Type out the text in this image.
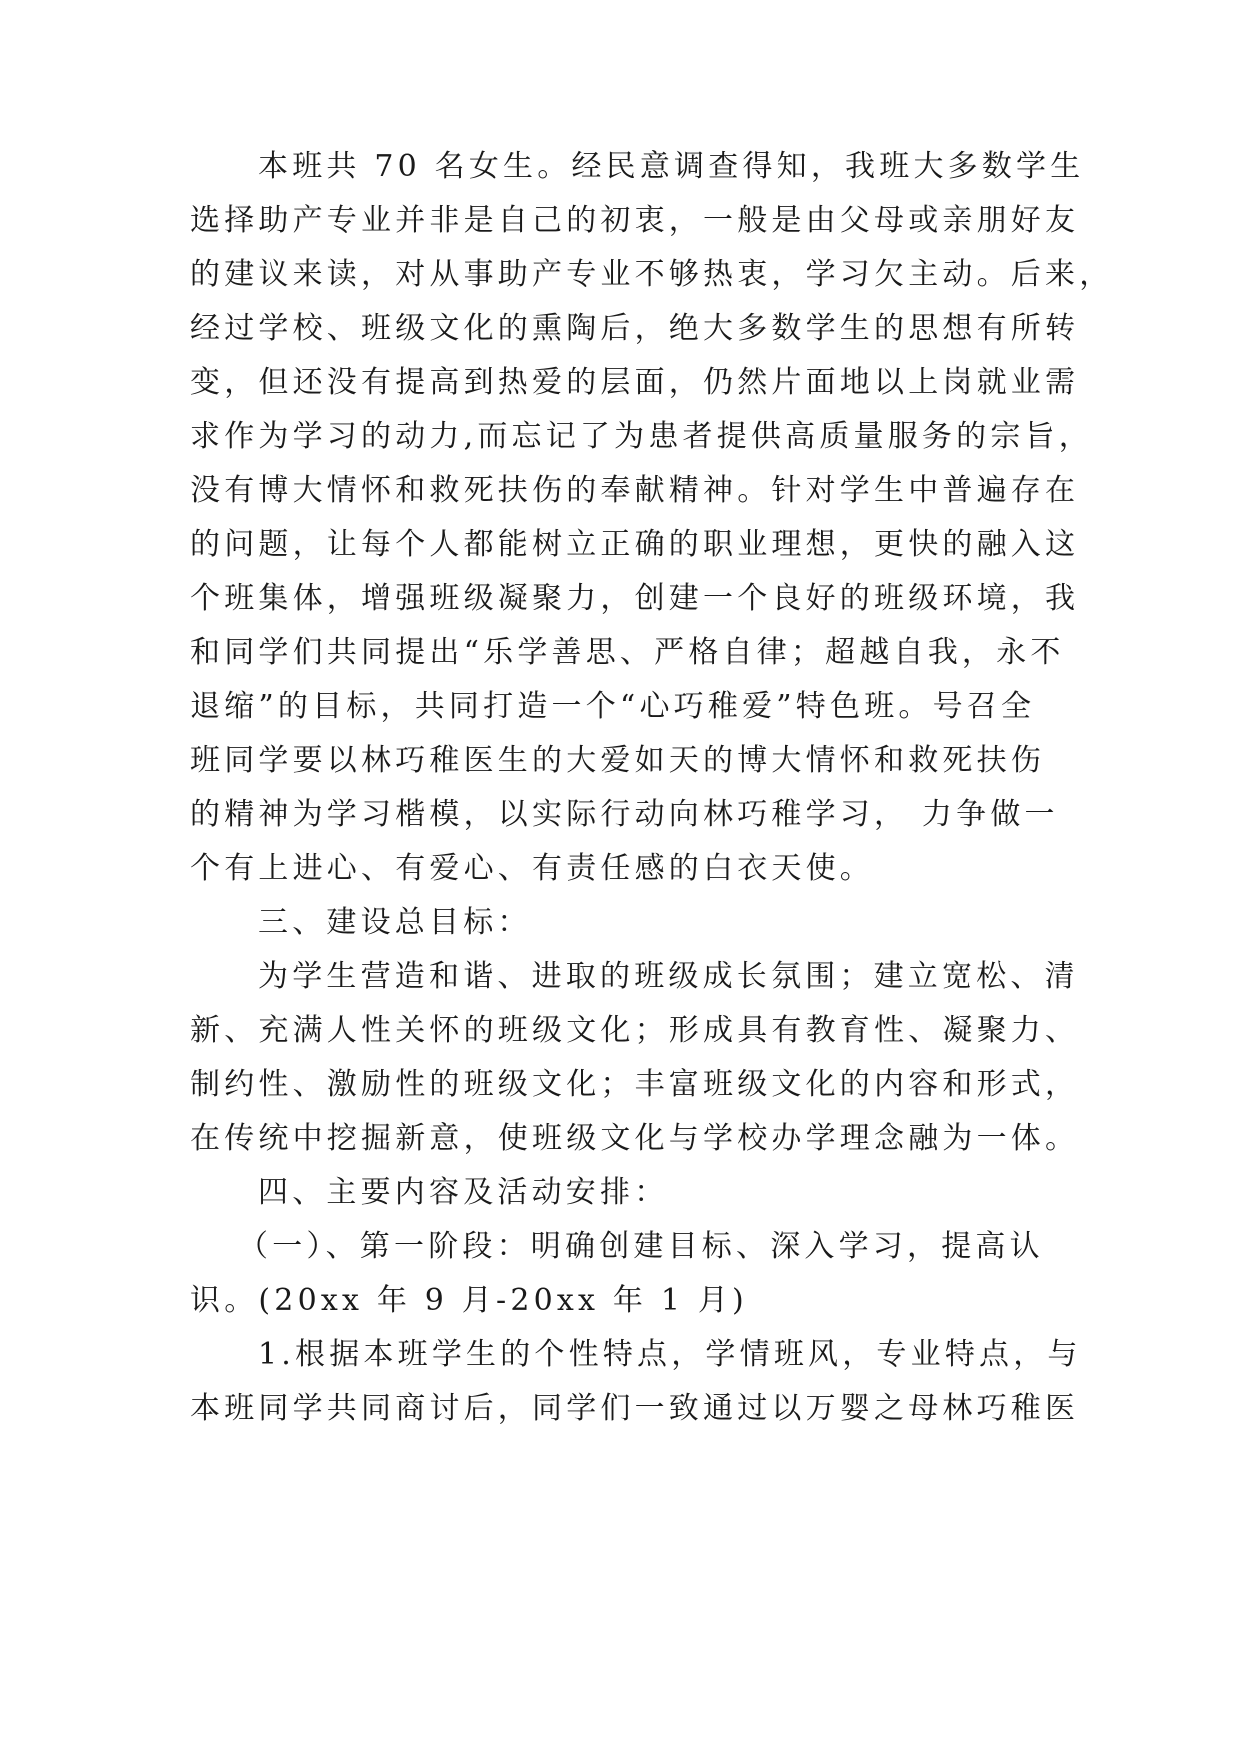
本班共 70 名女生。经民意调查得知，我班大多数学生
选择助产专业并非是自己的初衷，一般是由父母或亲朋好友
的建议来读，对从事助产专业不够热衷，学习欠主动。后来，
经过学校、班级文化的熏陶后，绝大多数学生的思想有所转
变，但还没有提高到热爱的层面，仍然片面地以上岗就业需
求作为学习的动力,而忘记了为患者提供高质量服务的宗旨，
没有博大情怀和救死扶伤的奉献精神。针对学生中普遍存在
的问题，让每个人都能树立正确的职业理想，更快的融入这
个班集体，增强班级凝聚力，创建一个良好的班级环境，我
和同学们共同提出“乐学善思、严格自律；超越自我，永不
退缩”的目标，共同打造一个“心巧稚爱”特色班。号召全
班同学要以林巧稚医生的大爱如天的博大情怀和救死扶伤
的精神为学习楷模，以实际行动向林巧稚学习， 力争做一
个有上进心、有爱心、有责任感的白衣天使。
三、建设总目标：
为学生营造和谐、进取的班级成长氛围；建立宽松、清
新、充满人性关怀的班级文化；形成具有教育性、凝聚力、
制约性、激励性的班级文化；丰富班级文化的内容和形式，
在传统中挖掘新意，使班级文化与学校办学理念融为一体。
四、主要内容及活动安排：
（一）、第一阶段：明确创建目标、深入学习，提高认
识。(20xx 年 9 月-20xx 年 1 月)
1.根据本班学生的个性特点，学情班风，专业特点，与
本班同学共同商讨后，同学们一致通过以万婴之母林巧稚医
